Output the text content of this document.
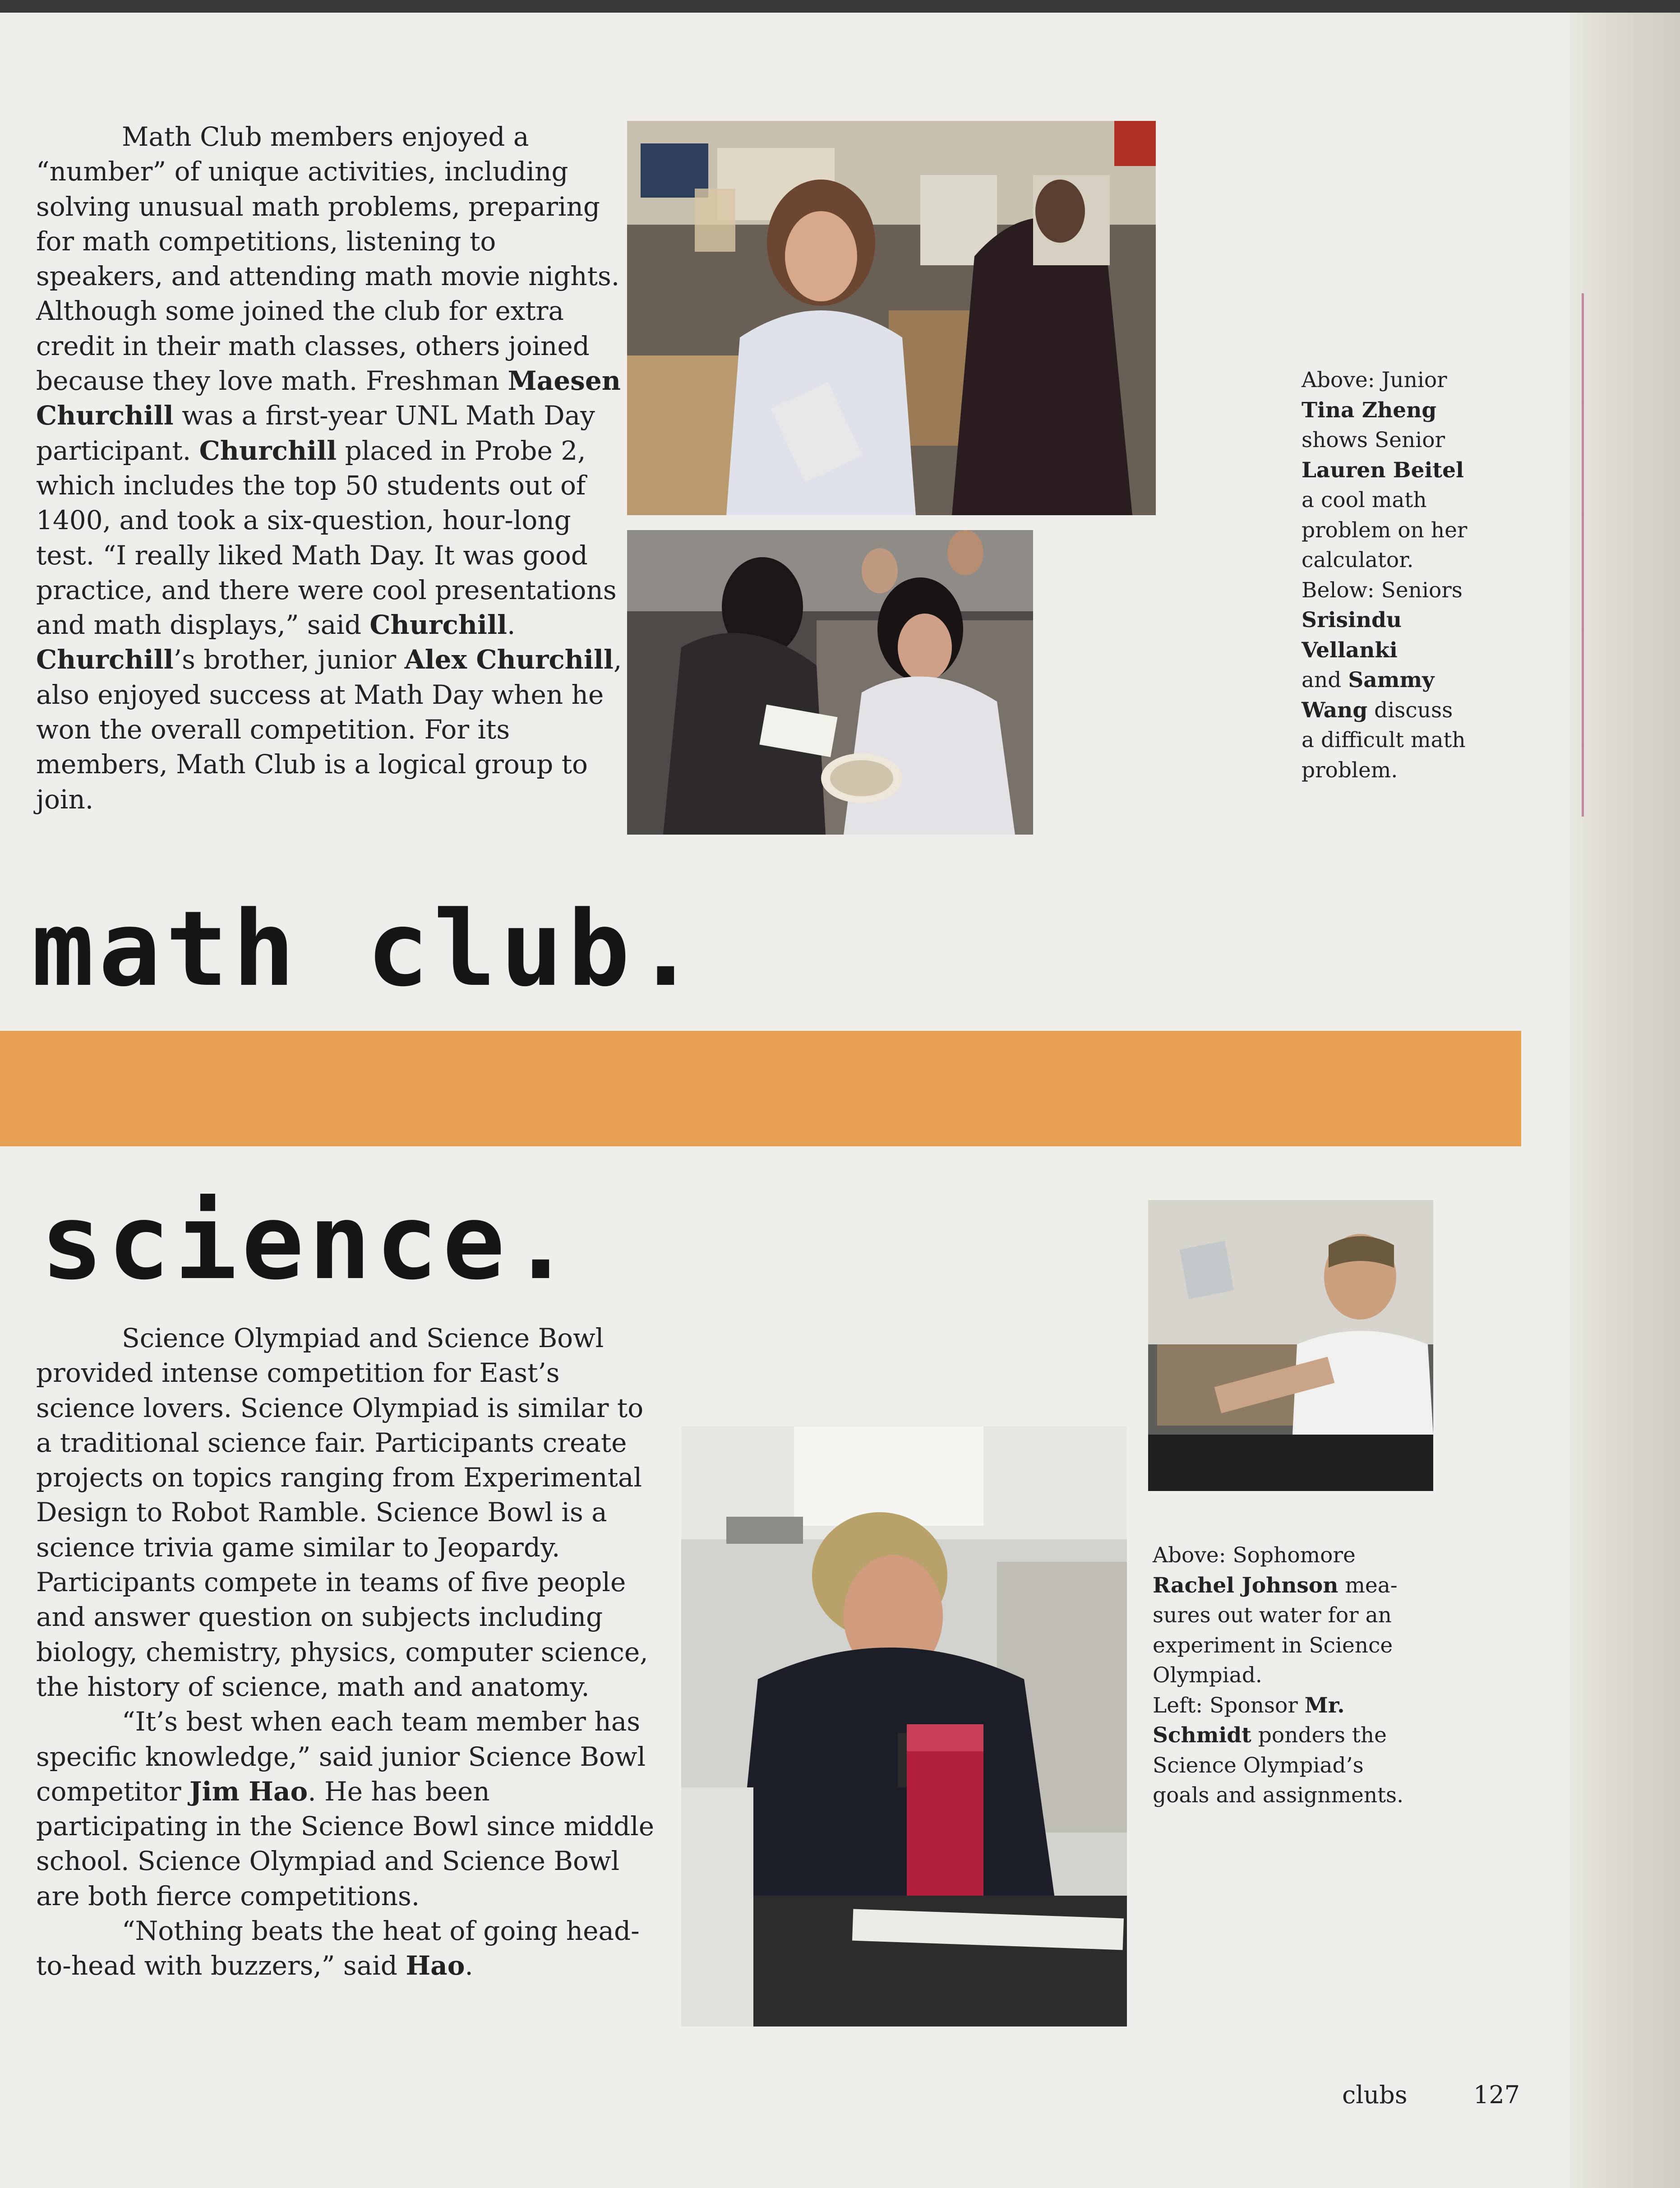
Math Club members enjoyed a “number” of unique activities, including solving unusual math problems, preparing for math competitions, listening to speakers, and attending math movie nights. Although some joined the club for extra credit in their math classes, others joined because they love math. Freshman Maesen Churchill was a first-year UNL Math Day participant. Churchill placed in Probe 2, which includes the top 50 students out of 1400, and took a six-question, hour-long test. “I really liked Math Day. It was good practice, and there were cool presentations and math displays,” said Churchill. Churchill’s brother, junior Alex Churchill, also enjoyed success at Math Day when he won the overall competition. For its members, Math Club is a logical group to join.

Above: Junior
Tina Zheng
shows Senior
Lauren Beitel
a cool math
problem on her
calculator.
Below: Seniors
Srisindu
Vellanki
and Sammy
Wang discuss
a difficult math
problem.
math club.
science.

Science Olympiad and Science Bowl provided intense competition for East’s science lovers. Science Olympiad is similar to a traditional science fair. Participants create projects on topics ranging from Experimental Design to Robot Ramble. Science Bowl is a science trivia game similar to Jeopardy. Participants compete in teams of five people and answer question on subjects including biology, chemistry, physics, computer science, the history of science, math and anatomy.

“It’s best when each team member has specific knowledge,” said junior Science Bowl competitor Jim Hao. He has been participating in the Science Bowl since middle school. Science Olympiad and Science Bowl are both fierce competitions.

“Nothing beats the heat of going head-to-head with buzzers,” said Hao.

Above: Sophomore
Rachel Johnson mea-
sures out water for an
experiment in Science
Olympiad.
Left: Sponsor Mr.
Schmidt ponders the
Science Olympiad’s
goals and assignments.
clubs	127
